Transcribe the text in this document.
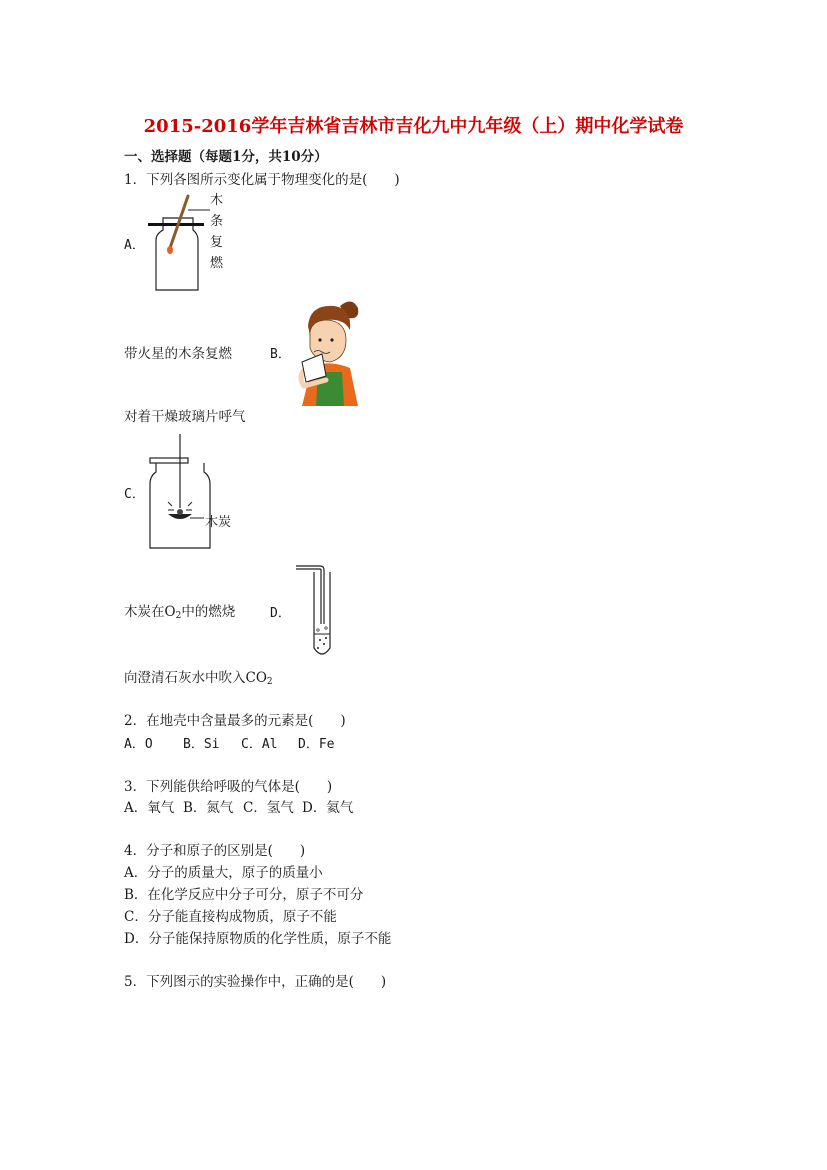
2015-2016学年吉林省吉林市吉化九中九年级（上）期中化学试卷
一、选择题（每题1分，共10分）
1．下列各图所示变化属于物理变化的是(　　)
A．
木
条
复
燃
带火星的木条复燃	B．
对着干燥玻璃片呼气
C．
木炭
木炭在$O_2$中的燃烧	D．
向澄清石灰水中吹入$CO_2$
2．在地壳中含量最多的元素是(　　)
A．O B．Si C．Al D．Fe
3．下列能供给呼吸的气体是(　　)
A．氧气 B．氮气 C．氢气 D．氦气
4．分子和原子的区别是(　　)
A．分子的质量大，原子的质量小
B．在化学反应中分子可分，原子不可分
C．分子能直接构成物质，原子不能
D．分子能保持原物质的化学性质，原子不能
5．下列图示的实验操作中，正确的是(　　)
